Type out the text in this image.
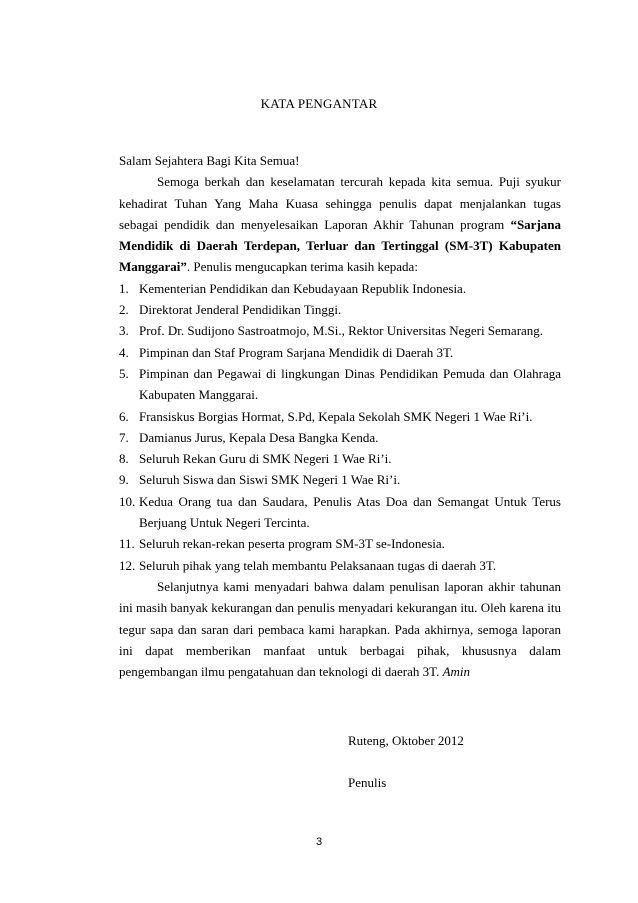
KATA PENGANTAR

Salam Sejahtera Bagi Kita Semua!

Semoga berkah dan keselamatan tercurah kepada kita semua. Puji syukur kehadirat Tuhan Yang Maha Kuasa sehingga penulis dapat menjalankan tugas sebagai pendidik dan menyelesaikan Laporan Akhir Tahunan program “Sarjana Mendidik di Daerah Terdepan, Terluar dan Tertinggal (SM-3T) Kabupaten Manggarai”. Penulis mengucapkan terima kasih kepada:

1. Kementerian Pendidikan dan Kebudayaan Republik Indonesia.
2. Direktorat Jenderal Pendidikan Tinggi.
3. Prof. Dr. Sudijono Sastroatmojo, M.Si., Rektor Universitas Negeri Semarang.
4. Pimpinan dan Staf Program Sarjana Mendidik di Daerah 3T.
5. Pimpinan dan Pegawai di lingkungan Dinas Pendidikan Pemuda dan Olahraga Kabupaten Manggarai.
6. Fransiskus Borgias Hormat, S.Pd, Kepala Sekolah SMK Negeri 1 Wae Ri’i.
7. Damianus Jurus, Kepala Desa Bangka Kenda.
8. Seluruh Rekan Guru di SMK Negeri 1 Wae Ri’i.
9. Seluruh Siswa dan Siswi SMK Negeri 1 Wae Ri’i.
10. Kedua Orang tua dan Saudara, Penulis Atas Doa dan Semangat Untuk Terus Berjuang Untuk Negeri Tercinta.
11. Seluruh rekan-rekan peserta program SM-3T se-Indonesia.
12. Seluruh pihak yang telah membantu Pelaksanaan tugas di daerah 3T.

Selanjutnya kami menyadari bahwa dalam penulisan laporan akhir tahunan ini masih banyak kekurangan dan penulis menyadari kekurangan itu. Oleh karena itu tegur sapa dan saran dari pembaca kami harapkan. Pada akhirnya, semoga laporan ini dapat memberikan manfaat untuk berbagai pihak, khususnya dalam pengembangan ilmu pengatahuan dan teknologi di daerah 3T. Amin

Ruteng, Oktober 2012
Penulis
3
